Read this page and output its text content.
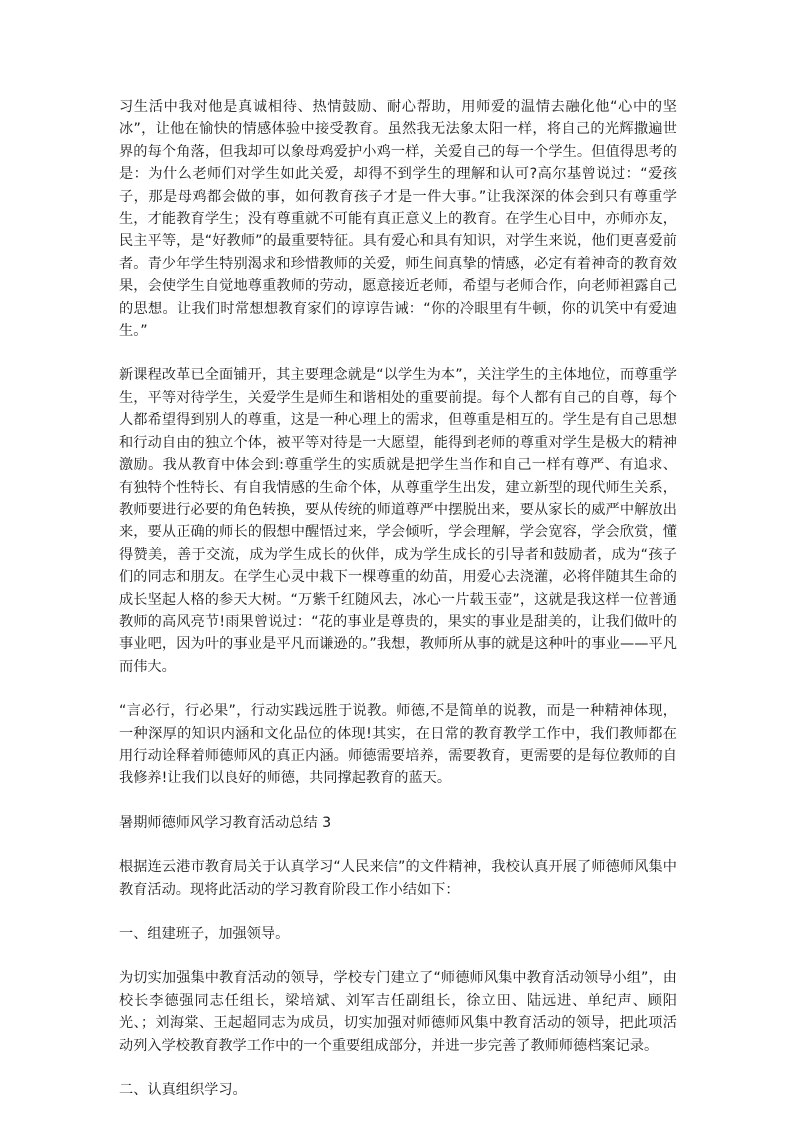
习生活中我对他是真诚相待、热情鼓励、耐心帮助，用师爱的温情去融化他“心中的坚冰”，让他在愉快的情感体验中接受教育。虽然我无法象太阳一样，将自己的光辉撒遍世界的每个角落，但我却可以象母鸡爱护小鸡一样，关爱自己的每一个学生。但值得思考的是：为什么老师们对学生如此关爱，却得不到学生的理解和认可?高尔基曾说过：“爱孩子，那是母鸡都会做的事，如何教育孩子才是一件大事。”让我深深的体会到只有尊重学生，才能教育学生；没有尊重就不可能有真正意义上的教育。在学生心目中，亦师亦友，民主平等，是“好教师”的最重要特征。具有爱心和具有知识，对学生来说，他们更喜爱前者。青少年学生特别渴求和珍惜教师的关爱，师生间真挚的情感，必定有着神奇的教育效果，会使学生自觉地尊重教师的劳动，愿意接近老师，希望与老师合作，向老师袒露自己的思想。让我们时常想想教育家们的谆谆告诫：“你的冷眼里有牛顿，你的讥笑中有爱迪生。”

新课程改革已全面铺开，其主要理念就是“以学生为本”，关注学生的主体地位，而尊重学生，平等对待学生，关爱学生是师生和谐相处的重要前提。每个人都有自己的自尊，每个人都希望得到别人的尊重，这是一种心理上的需求，但尊重是相互的。学生是有自己思想和行动自由的独立个体，被平等对待是一大愿望，能得到老师的尊重对学生是极大的精神激励。我从教育中体会到:尊重学生的实质就是把学生当作和自己一样有尊严、有追求、有独特个性特长、有自我情感的生命个体，从尊重学生出发，建立新型的现代师生关系，教师要进行必要的角色转换，要从传统的师道尊严中摆脱出来，要从家长的威严中解放出来，要从正确的师长的假想中醒悟过来，学会倾听，学会理解，学会宽容，学会欣赏，懂得赞美，善于交流，成为学生成长的伙伴，成为学生成长的引导者和鼓励者，成为“孩子们的同志和朋友。在学生心灵中栽下一棵尊重的幼苗，用爱心去浇灌，必将伴随其生命的成长坚起人格的参天大树。“万紫千红随风去，冰心一片载玉壶”，这就是我这样一位普通教师的高风亮节!雨果曾说过：“花的事业是尊贵的，果实的事业是甜美的，让我们做叶的事业吧，因为叶的事业是平凡而谦逊的。”我想，教师所从事的就是这种叶的事业——平凡而伟大。

“言必行，行必果”，行动实践远胜于说教。师德,不是简单的说教，而是一种精神体现，一种深厚的知识内涵和文化品位的体现!其实，在日常的教育教学工作中，我们教师都在用行动诠释着师德师风的真正内涵。师德需要培养，需要教育，更需要的是每位教师的自我修养!让我们以良好的师德，共同撑起教育的蓝天。

暑期师德师风学习教育活动总结 3

根据连云港市教育局关于认真学习“人民来信”的文件精神，我校认真开展了师德师风集中教育活动。现将此活动的学习教育阶段工作小结如下：

一、组建班子，加强领导。

为切实加强集中教育活动的领导，学校专门建立了“师德师风集中教育活动领导小组”，由校长李德强同志任组长，梁培斌、刘军吉任副组长，徐立田、陆远进、单纪声、顾阳光、；刘海棠、王起超同志为成员，切实加强对师德师风集中教育活动的领导，把此项活动列入学校教育教学工作中的一个重要组成部分，并进一步完善了教师师德档案记录。

二、认真组织学习。
